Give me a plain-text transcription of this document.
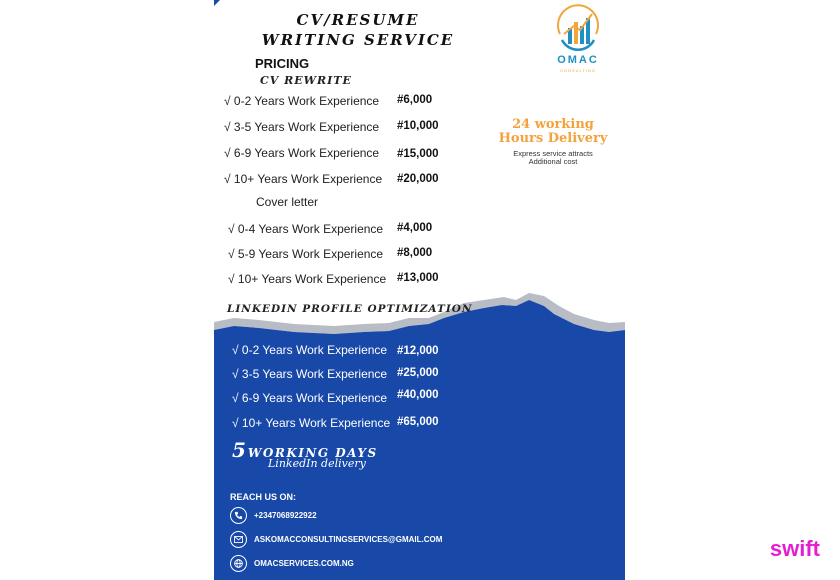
CV/RESUME
WRITING SERVICE
PRICING
CV REWRITE
√ 0-2 Years Work Experience #6,000
√ 3-5 Years Work Experience #10,000
√ 6-9 Years Work Experience #15,000
√ 10+ Years Work Experience #20,000
Cover letter
√ 0-4 Years Work Experience #4,000
√ 5-9 Years Work Experience #8,000
√ 10+ Years Work Experience #13,000
LINKEDIN PROFILE OPTIMIZATION
√ 0-2 Years Work Experience #12,000
√ 3-5 Years Work Experience #25,000
√ 6-9 Years Work Experience #40,000
√ 10+ Years Work Experience #65,000
OMAC
CONSULTING
24 working
Hours Delivery
Express service attracts
Additional cost
5 WORKING DAYS
LinkedIn delivery
REACH US ON:
+2347068922922
ASKOMACCONSULTINGSERVICES@GMAIL.COM
OMACSERVICES.COM.NG
swift
